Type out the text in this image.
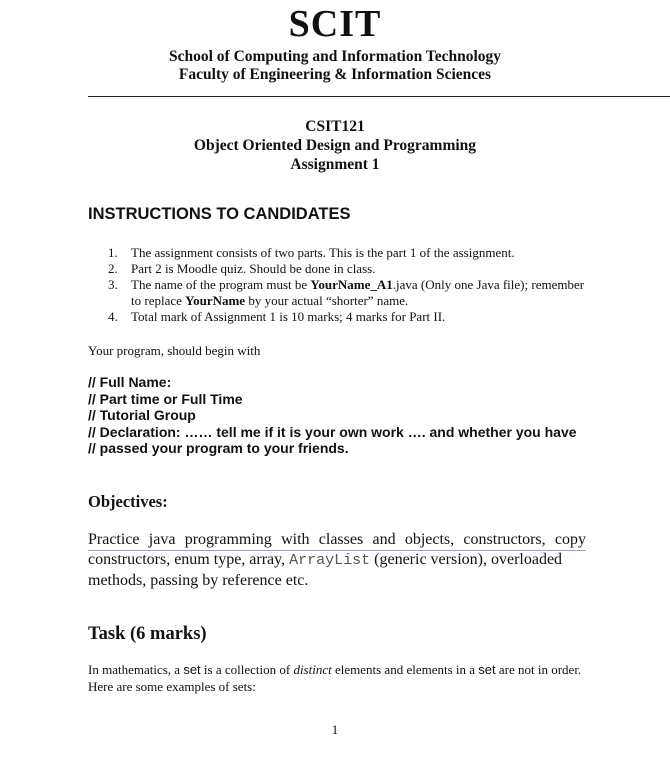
SCIT
School of Computing and Information Technology
Faculty of Engineering & Information Sciences
CSIT121
Object Oriented Design and Programming
Assignment 1
INSTRUCTIONS TO CANDIDATES
1. The assignment consists of two parts. This is the part 1 of the assignment.
2. Part 2 is Moodle quiz. Should be done in class.
3. The name of the program must be YourName_A1.java (Only one Java file); remember to replace YourName by your actual “shorter” name.
4. Total mark of Assignment 1 is 10 marks; 4 marks for Part II.
Your program, should begin with
// Full Name:
// Part time or Full Time
// Tutorial Group
// Declaration: …… tell me if it is your own work …. and whether you have
// passed your program to your friends.
Objectives:
Practice java programming with classes and objects, constructors, copy
constructors, enum type, array, ArrayList (generic version), overloaded
methods, passing by reference etc.
Task (6 marks)
In mathematics, a set is a collection of distinct elements and elements in a set are not in order. Here are some examples of sets:
1
